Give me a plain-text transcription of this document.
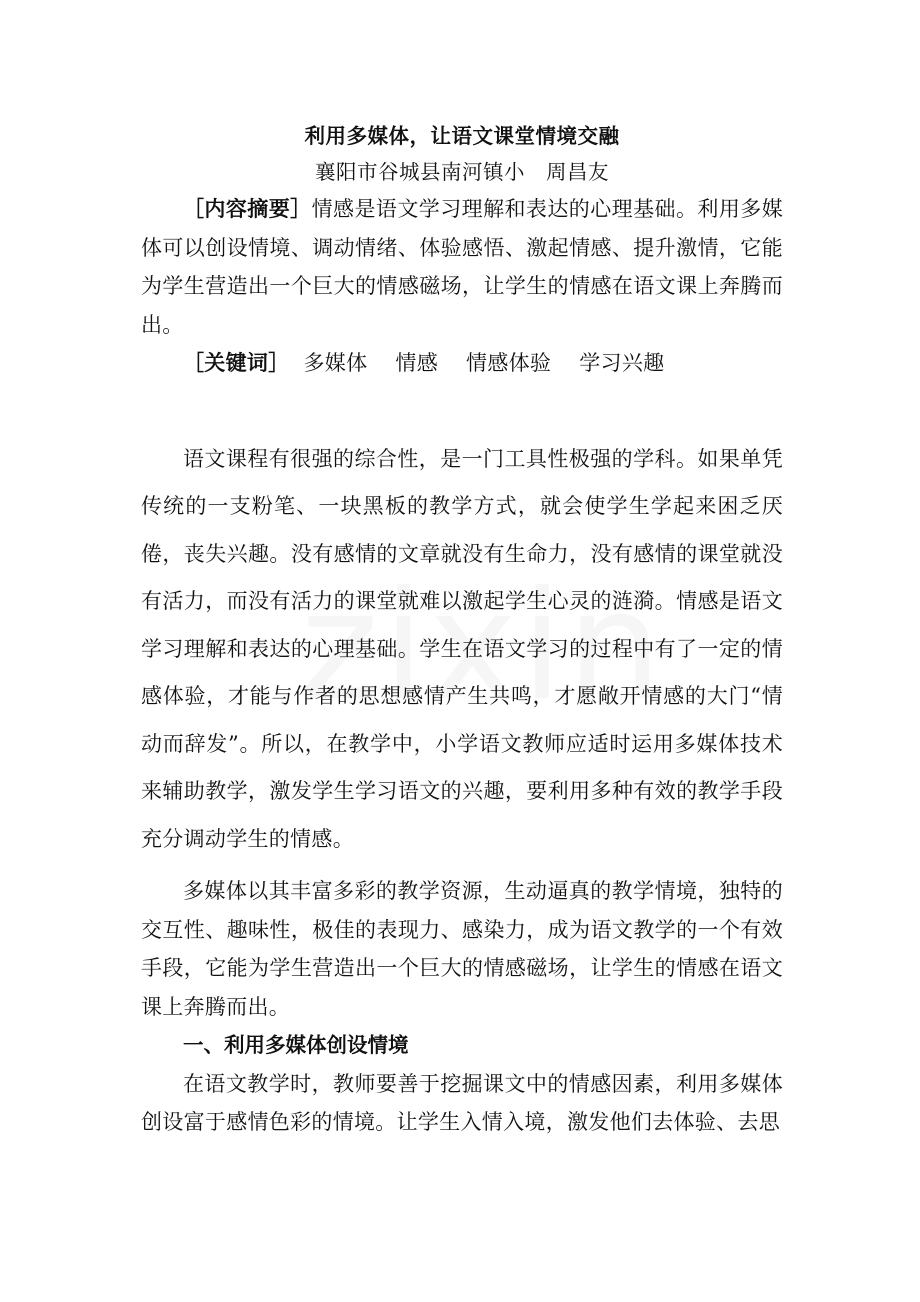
利用多媒体，让语文课堂情境交融

襄阳市谷城县南河镇小　周昌友

［内容摘要］情感是语文学习理解和表达的心理基础。利用多媒体可以创设情境、调动情绪、体验感悟、激起情感、提升激情，它能为学生营造出一个巨大的情感磁场，让学生的情感在语文课上奔腾而出。

［关键词］ 多媒体 情感 情感体验 学习兴趣

语文课程有很强的综合性，是一门工具性极强的学科。如果单凭传统的一支粉笔、一块黑板的教学方式，就会使学生学起来困乏厌倦，丧失兴趣。没有感情的文章就没有生命力，没有感情的课堂就没有活力，而没有活力的课堂就难以激起学生心灵的涟漪。情感是语文学习理解和表达的心理基础。学生在语文学习的过程中有了一定的情感体验，才能与作者的思想感情产生共鸣，才愿敞开情感的大门“情动而辞发”。所以，在教学中，小学语文教师应适时运用多媒体技术来辅助教学，激发学生学习语文的兴趣，要利用多种有效的教学手段充分调动学生的情感。

多媒体以其丰富多彩的教学资源，生动逼真的教学情境，独特的交互性、趣味性，极佳的表现力、感染力，成为语文教学的一个有效手段，它能为学生营造出一个巨大的情感磁场，让学生的情感在语文课上奔腾而出。

一、利用多媒体创设情境

在语文教学时，教师要善于挖掘课文中的情感因素，利用多媒体创设富于感情色彩的情境。让学生入情入境，激发他们去体验、去思
